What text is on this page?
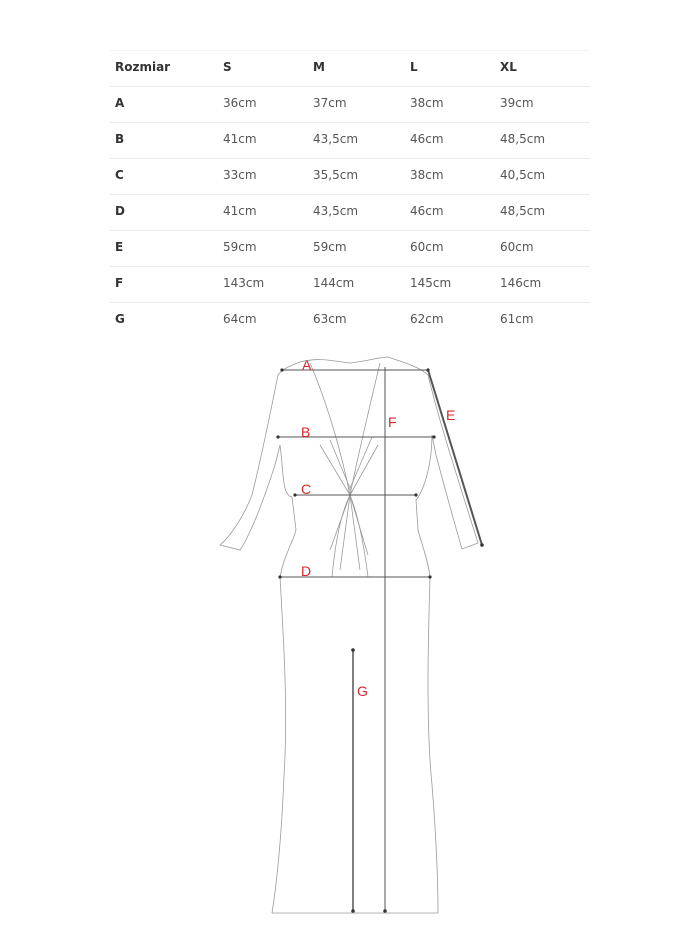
Rozmiar	S	M	L	XL
A	36cm	37cm	38cm	39cm
B	41cm	43,5cm	46cm	48,5cm
C	33cm	35,5cm	38cm	40,5cm
D	41cm	43,5cm	46cm	48,5cm
E	59cm	59cm	60cm	60cm
F	143cm	144cm	145cm	146cm
G	64cm	63cm	62cm	61cm
A
B
C
D
E
F
G
